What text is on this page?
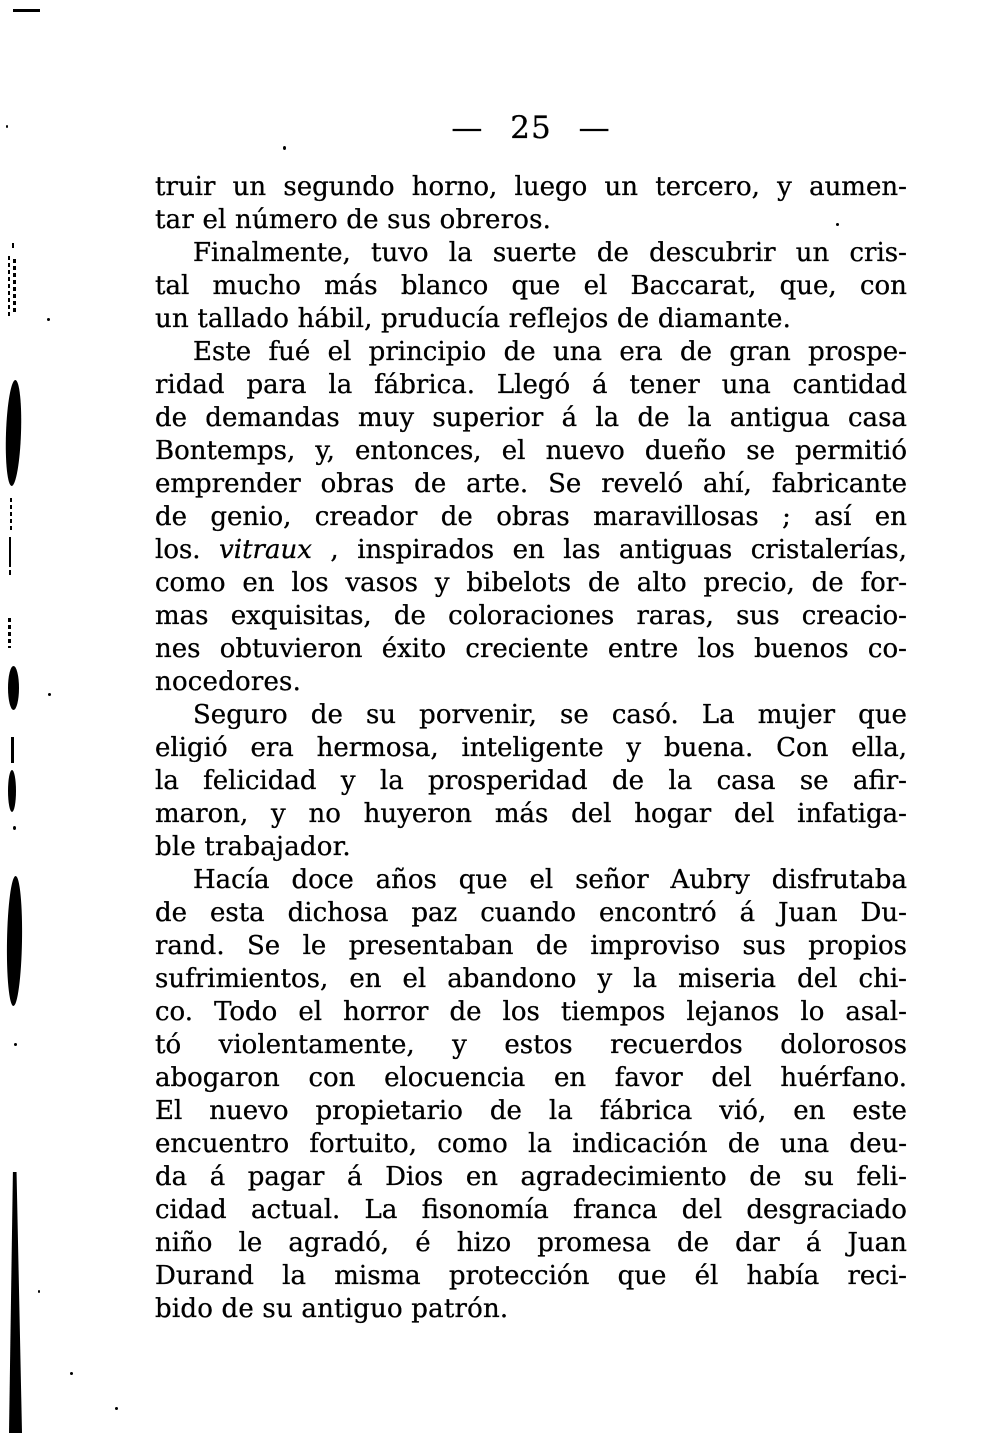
— 25 —
truir un segundo horno, luego un tercero, y aumen-
tar el número de sus obreros.
Finalmente, tuvo la suerte de descubrir un cris-
tal mucho más blanco que el Baccarat, que, con
un tallado hábil, pruducía reflejos de diamante.
Este fué el principio de una era de gran prospe-
ridad para la fábrica. Llegó á tener una cantidad
de demandas muy superior á la de la antigua casa
Bontemps, y, entonces, el nuevo dueño se permitió
emprender obras de arte. Se reveló ahí, fabricante
de genio, creador de obras maravillosas ; así en
los. vitraux , inspirados en las antiguas cristalerías,
como en los vasos y bibelots de alto precio, de for-
mas exquisitas, de coloraciones raras, sus creacio-
nes obtuvieron éxito creciente entre los buenos co-
nocedores.
Seguro de su porvenir, se casó. La mujer que
eligió era hermosa, inteligente y buena. Con ella,
la felicidad y la prosperidad de la casa se afir-
maron, y no huyeron más del hogar del infatiga-
ble trabajador.
Hacía doce años que el señor Aubry disfrutaba
de esta dichosa paz cuando encontró á Juan Du-
rand. Se le presentaban de improviso sus propios
sufrimientos, en el abandono y la miseria del chi-
co. Todo el horror de los tiempos lejanos lo asal-
tó violentamente, y estos recuerdos dolorosos
abogaron con elocuencia en favor del huérfano.
El nuevo propietario de la fábrica vió, en este
encuentro fortuito, como la indicación de una deu-
da á pagar á Dios en agradecimiento de su feli-
cidad actual. La fisonomía franca del desgraciado
niño le agradó, é hizo promesa de dar á Juan
Durand la misma protección que él había reci-
bido de su antiguo patrón.
